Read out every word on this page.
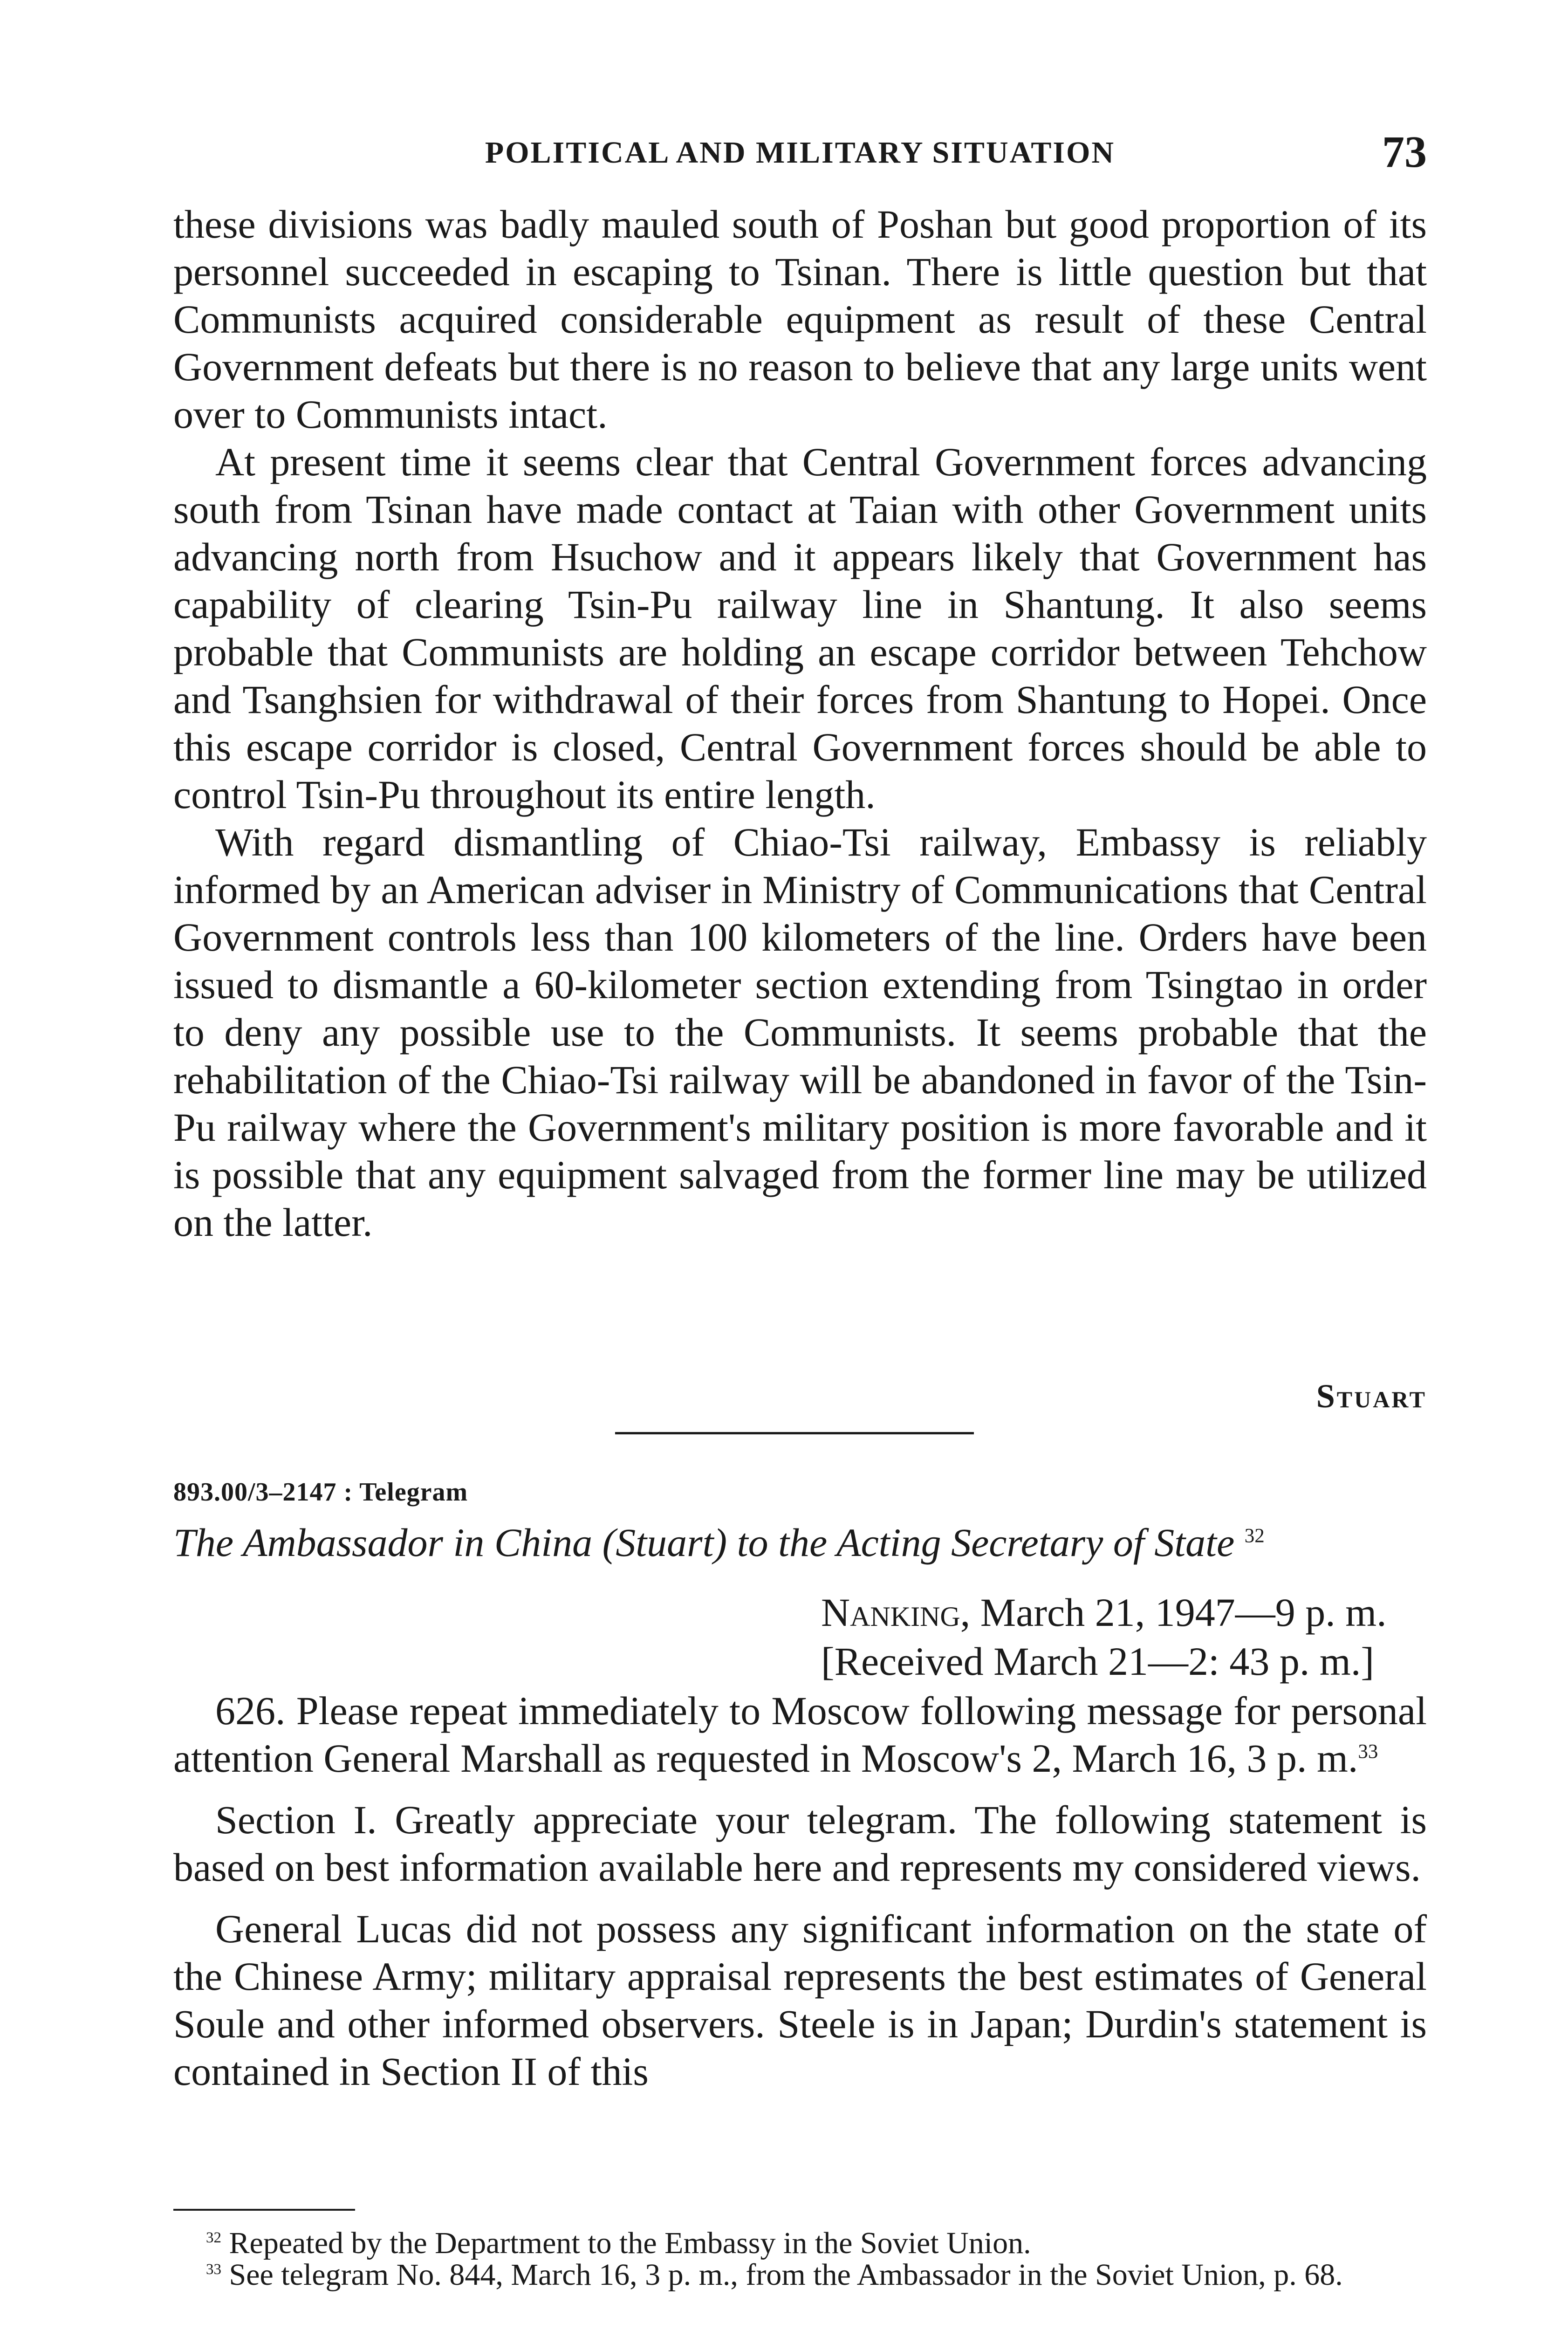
POLITICAL AND MILITARY SITUATION	73

these divisions was badly mauled south of Poshan but good proportion of its personnel succeeded in escaping to Tsinan. There is little question but that Communists acquired considerable equipment as result of these Central Government defeats but there is no reason to believe that any large units went over to Communists intact.

At present time it seems clear that Central Government forces advancing south from Tsinan have made contact at Taian with other Government units advancing north from Hsuchow and it appears likely that Government has capability of clearing Tsin-Pu railway line in Shantung. It also seems probable that Communists are holding an escape corridor between Tehchow and Tsanghsien for withdrawal of their forces from Shantung to Hopei. Once this escape corridor is closed, Central Government forces should be able to control Tsin-Pu throughout its entire length.

With regard dismantling of Chiao-Tsi railway, Embassy is reliably informed by an American adviser in Ministry of Communications that Central Government controls less than 100 kilometers of the line. Orders have been issued to dismantle a 60-kilometer section extending from Tsingtao in order to deny any possible use to the Communists. It seems probable that the rehabilitation of the Chiao-Tsi railway will be abandoned in favor of the Tsin-Pu railway where the Government's military position is more favorable and it is possible that any equipment salvaged from the former line may be utilized on the latter.

Stuart
893.00/3–2147 : Telegram
The Ambassador in China (Stuart) to the Acting Secretary of State $^{32}$
Nanking, March 21, 1947—9 p. m.
[Received March 21—2: 43 p. m.]

626. Please repeat immediately to Moscow following message for personal attention General Marshall as requested in Moscow's 2, March 16, 3 p. m.$^{33}$

Section I. Greatly appreciate your telegram. The following statement is based on best information available here and represents my considered views.

General Lucas did not possess any significant information on the state of the Chinese Army; military appraisal represents the best estimates of General Soule and other informed observers. Steele is in Japan; Durdin's statement is contained in Section II of this

$^{32}$ Repeated by the Department to the Embassy in the Soviet Union.

$^{33}$ See telegram No. 844, March 16, 3 p. m., from the Ambassador in the Soviet Union, p. 68.
